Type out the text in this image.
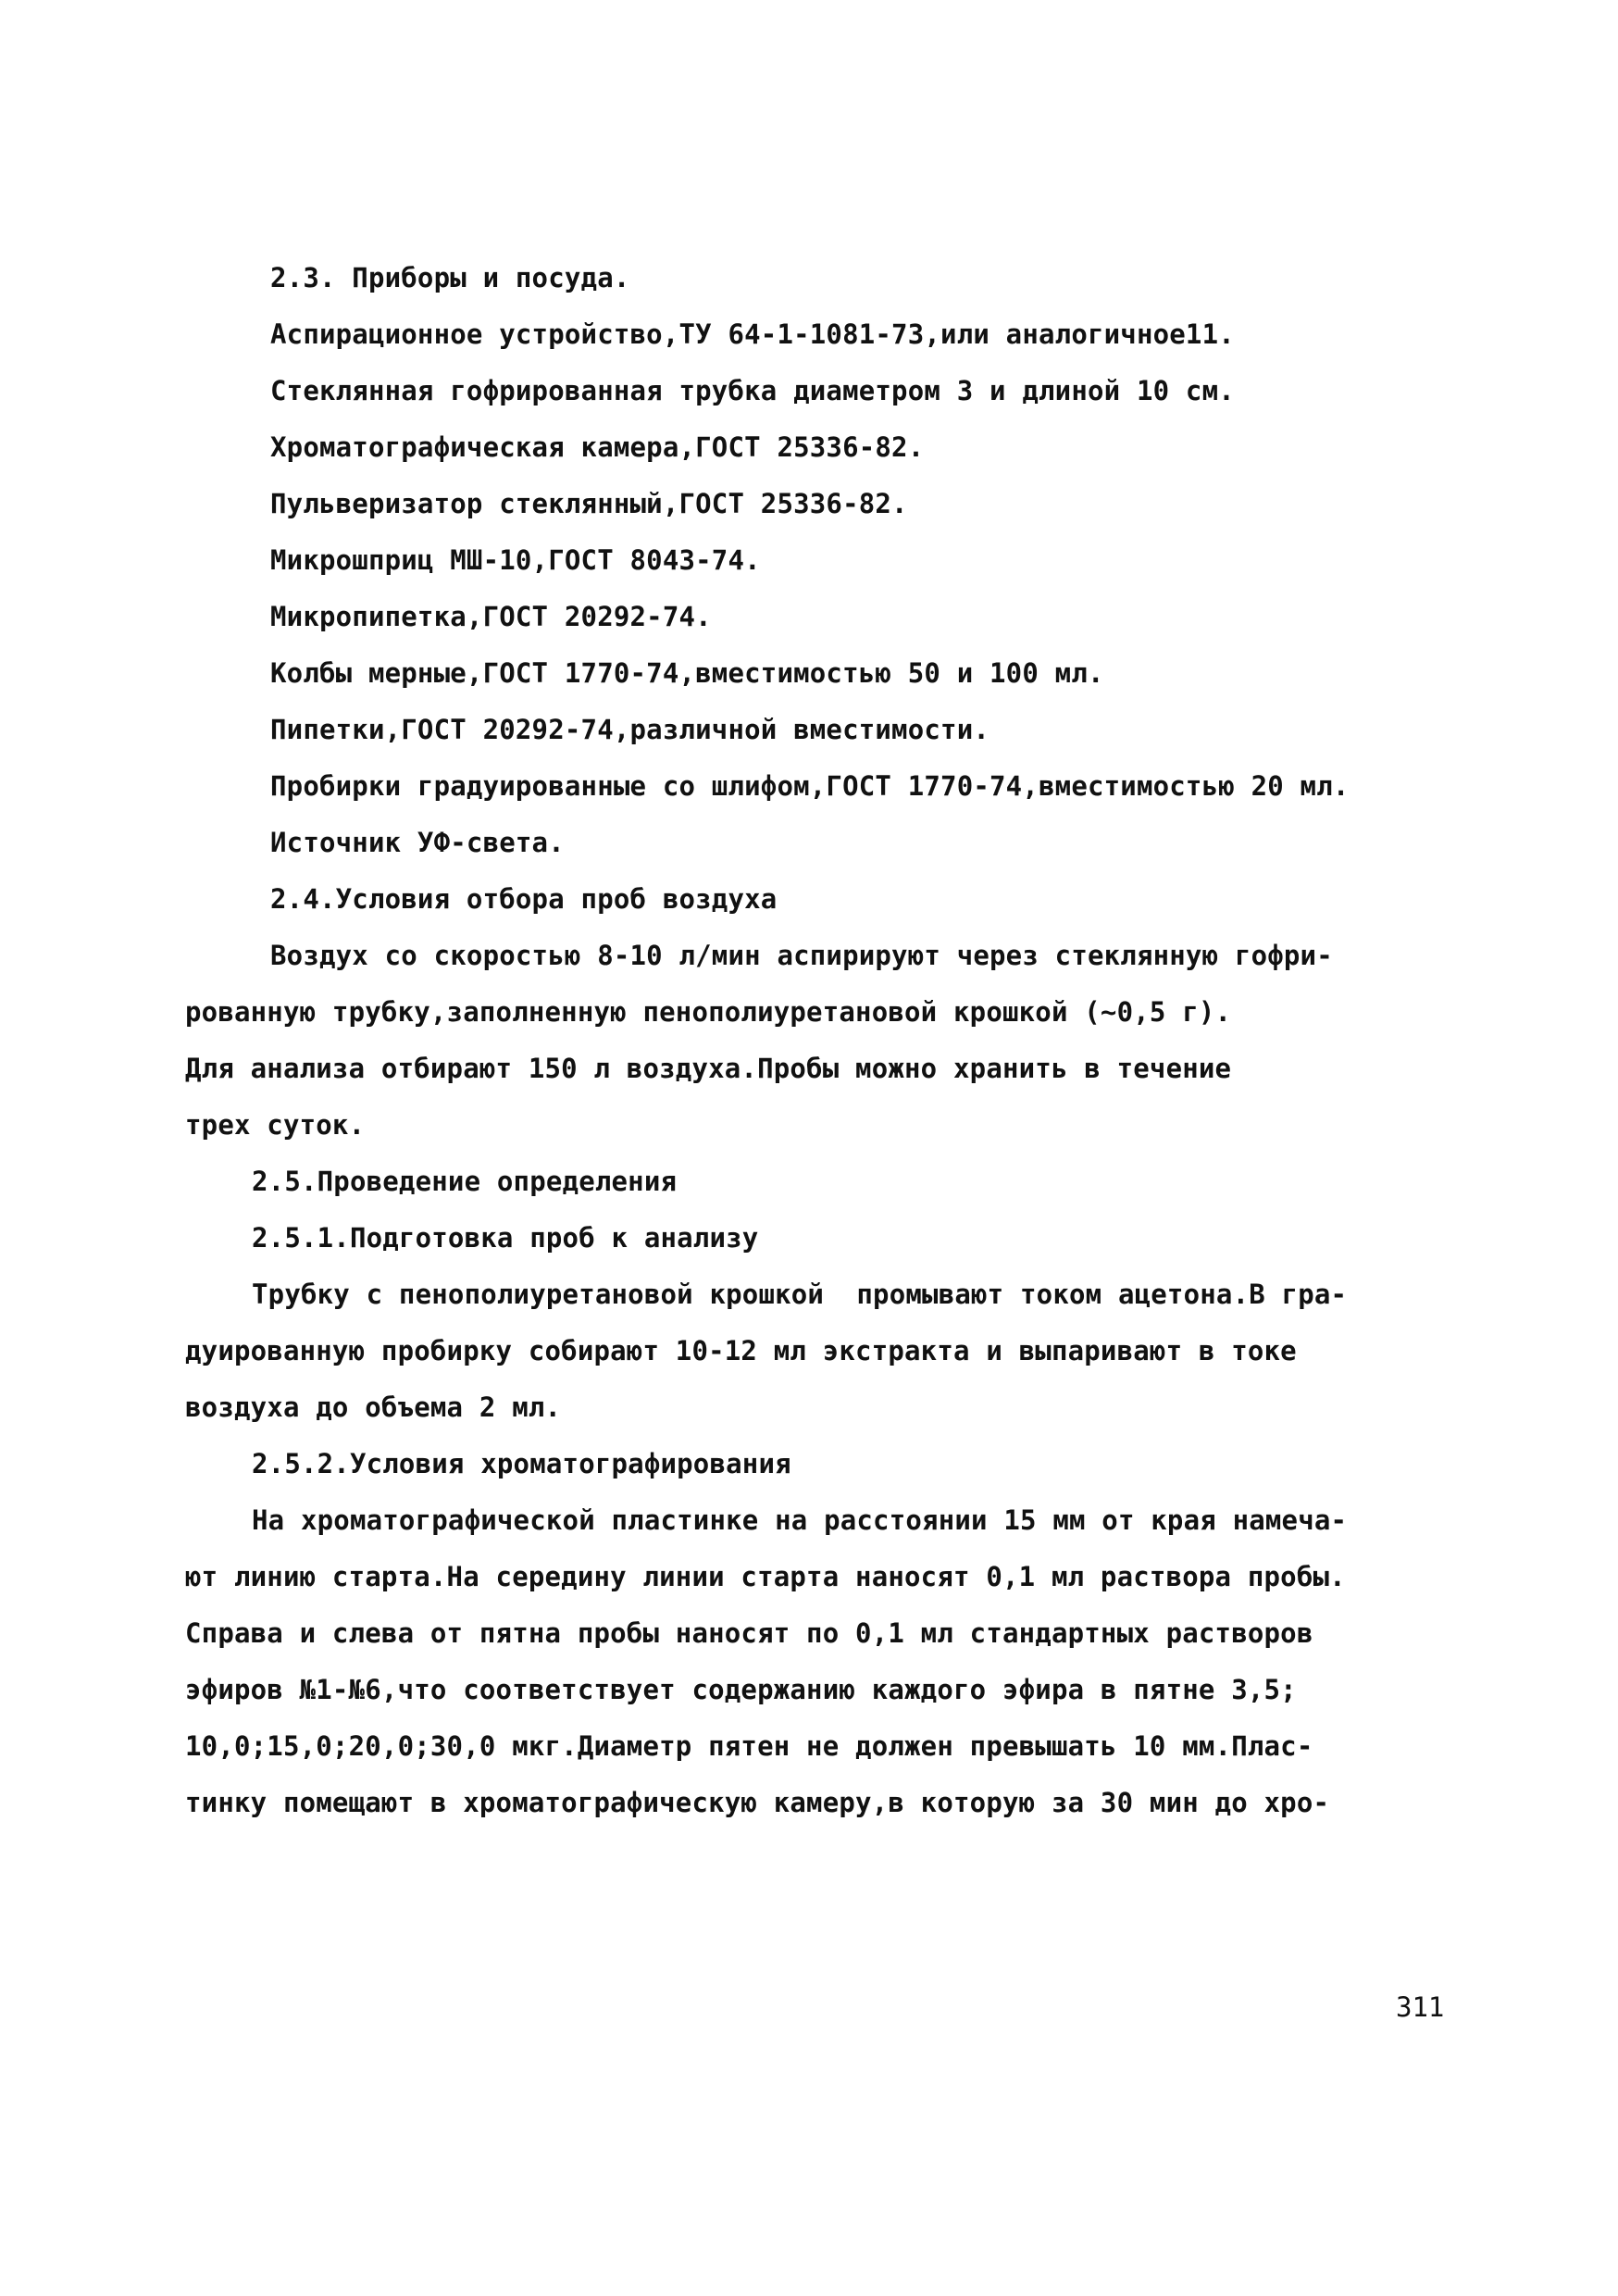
2.3. Приборы и посуда.
Аспирационное устройство,ТУ 64-1-1081-73,или аналогичное11.
Стеклянная гофрированная трубка диаметром 3 и длиной 10 см.
Хроматографическая камера,ГОСТ 25336-82.
Пульверизатор стеклянный,ГОСТ 25336-82.
Микрошприц МШ-10,ГОСТ 8043-74.
Микропипетка,ГОСТ 20292-74.
Колбы мерные,ГОСТ 1770-74,вместимостью 50 и 100 мл.
Пипетки,ГОСТ 20292-74,различной вместимости.
Пробирки градуированные со шлифом,ГОСТ 1770-74,вместимостью 20 мл.
Источник УФ-света.
2.4.Условия отбора проб воздуха
Воздух со скоростью 8-10 л/мин аспирируют через стеклянную гофри-
рованную трубку,заполненную пенополиуретановой крошкой (~0,5 г).
Для анализа отбирают 150 л воздуха.Пробы можно хранить в течение
трех суток.
2.5.Проведение определения
2.5.1.Подготовка проб к анализу
Трубку с пенополиуретановой крошкой  промывают током ацетона.В гра-
дуированную пробирку собирают 10-12 мл экстракта и выпаривают в токе
воздуха до объема 2 мл.
2.5.2.Условия хроматографирования
На хроматографической пластинке на расстоянии 15 мм от края намеча-
ют линию старта.На середину линии старта наносят 0,1 мл раствора пробы.
Справа и слева от пятна пробы наносят по 0,1 мл стандартных растворов
эфиров №1-№6,что соответствует содержанию каждого эфира в пятне 3,5;
10,0;15,0;20,0;30,0 мкг.Диаметр пятен не должен превышать 10 мм.Плас-
тинку помещают в хроматографическую камеру,в которую за 30 мин до хро-
311
